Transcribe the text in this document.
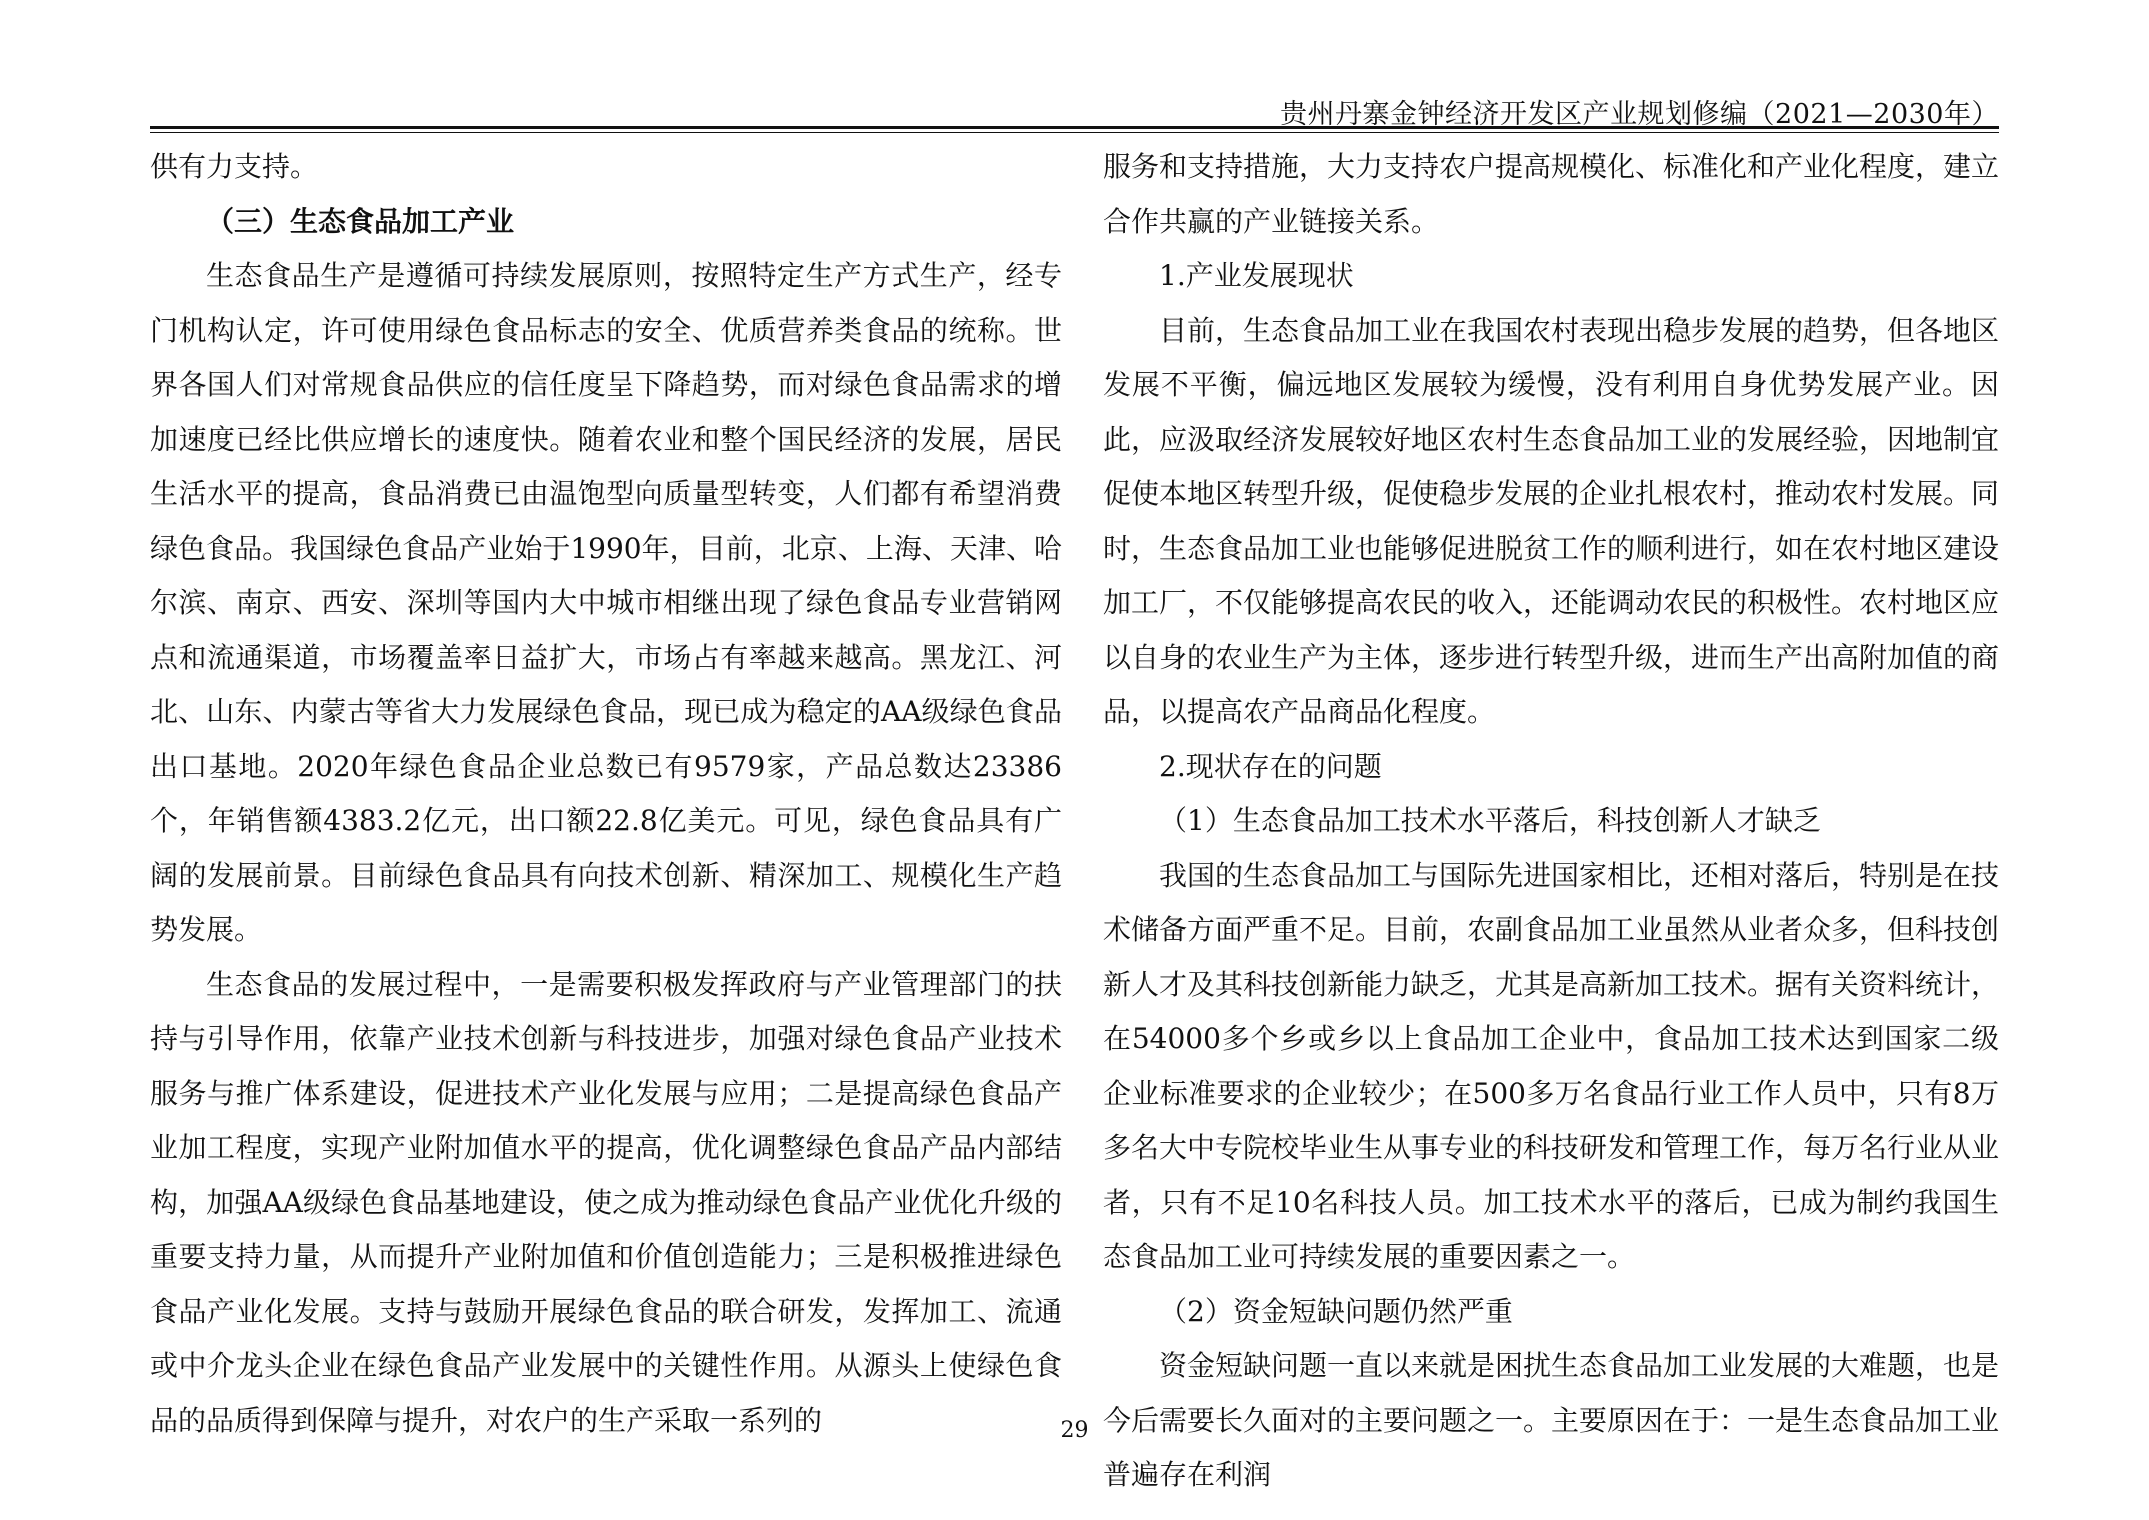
贵州丹寨金钟经济开发区产业规划修编（2021—2030年）

供有力支持。

（三）生态食品加工产业

生态食品生产是遵循可持续发展原则，按照特定生产方式生产，经专门机构认定，许可使用绿色食品标志的安全、优质营养类食品的统称。世界各国人们对常规食品供应的信任度呈下降趋势，而对绿色食品需求的增加速度已经比供应增长的速度快。随着农业和整个国民经济的发展，居民生活水平的提高，食品消费已由温饱型向质量型转变，人们都有希望消费绿色食品。我国绿色食品产业始于1990年，目前，北京、上海、天津、哈尔滨、南京、西安、深圳等国内大中城市相继出现了绿色食品专业营销网点和流通渠道，市场覆盖率日益扩大，市场占有率越来越高。黑龙江、河北、山东、内蒙古等省大力发展绿色食品，现已成为稳定的AA级绿色食品出口基地。2020年绿色食品企业总数已有9579家，产品总数达23386个，年销售额4383.2亿元，出口额22.8亿美元。可见，绿色食品具有广阔的发展前景。目前绿色食品具有向技术创新、精深加工、规模化生产趋势发展。

生态食品的发展过程中，一是需要积极发挥政府与产业管理部门的扶持与引导作用，依靠产业技术创新与科技进步，加强对绿色食品产业技术服务与推广体系建设，促进技术产业化发展与应用；二是提高绿色食品产业加工程度，实现产业附加值水平的提高，优化调整绿色食品产品内部结构，加强AA级绿色食品基地建设，使之成为推动绿色食品产业优化升级的重要支持力量，从而提升产业附加值和价值创造能力；三是积极推进绿色食品产业化发展。支持与鼓励开展绿色食品的联合研发，发挥加工、流通或中介龙头企业在绿色食品产业发展中的关键性作用。从源头上使绿色食品的品质得到保障与提升，对农户的生产采取一系列的

服务和支持措施，大力支持农户提高规模化、标准化和产业化程度，建立合作共赢的产业链接关系。

1.产业发展现状

目前，生态食品加工业在我国农村表现出稳步发展的趋势，但各地区发展不平衡，偏远地区发展较为缓慢，没有利用自身优势发展产业。因此，应汲取经济发展较好地区农村生态食品加工业的发展经验，因地制宜促使本地区转型升级，促使稳步发展的企业扎根农村，推动农村发展。同时，生态食品加工业也能够促进脱贫工作的顺利进行，如在农村地区建设加工厂，不仅能够提高农民的收入，还能调动农民的积极性。农村地区应以自身的农业生产为主体，逐步进行转型升级，进而生产出高附加值的商品，以提高农产品商品化程度。

2.现状存在的问题

（1）生态食品加工技术水平落后，科技创新人才缺乏

我国的生态食品加工与国际先进国家相比，还相对落后，特别是在技术储备方面严重不足。目前，农副食品加工业虽然从业者众多，但科技创新人才及其科技创新能力缺乏，尤其是高新加工技术。据有关资料统计，在54000多个乡或乡以上食品加工企业中，食品加工技术达到国家二级企业标准要求的企业较少；在500多万名食品行业工作人员中，只有8万多名大中专院校毕业生从事专业的科技研发和管理工作，每万名行业从业者，只有不足10名科技人员。加工技术水平的落后，已成为制约我国生态食品加工业可持续发展的重要因素之一。

（2）资金短缺问题仍然严重

资金短缺问题一直以来就是困扰生态食品加工业发展的大难题，也是今后需要长久面对的主要问题之一。主要原因在于：一是生态食品加工业普遍存在利润

29
